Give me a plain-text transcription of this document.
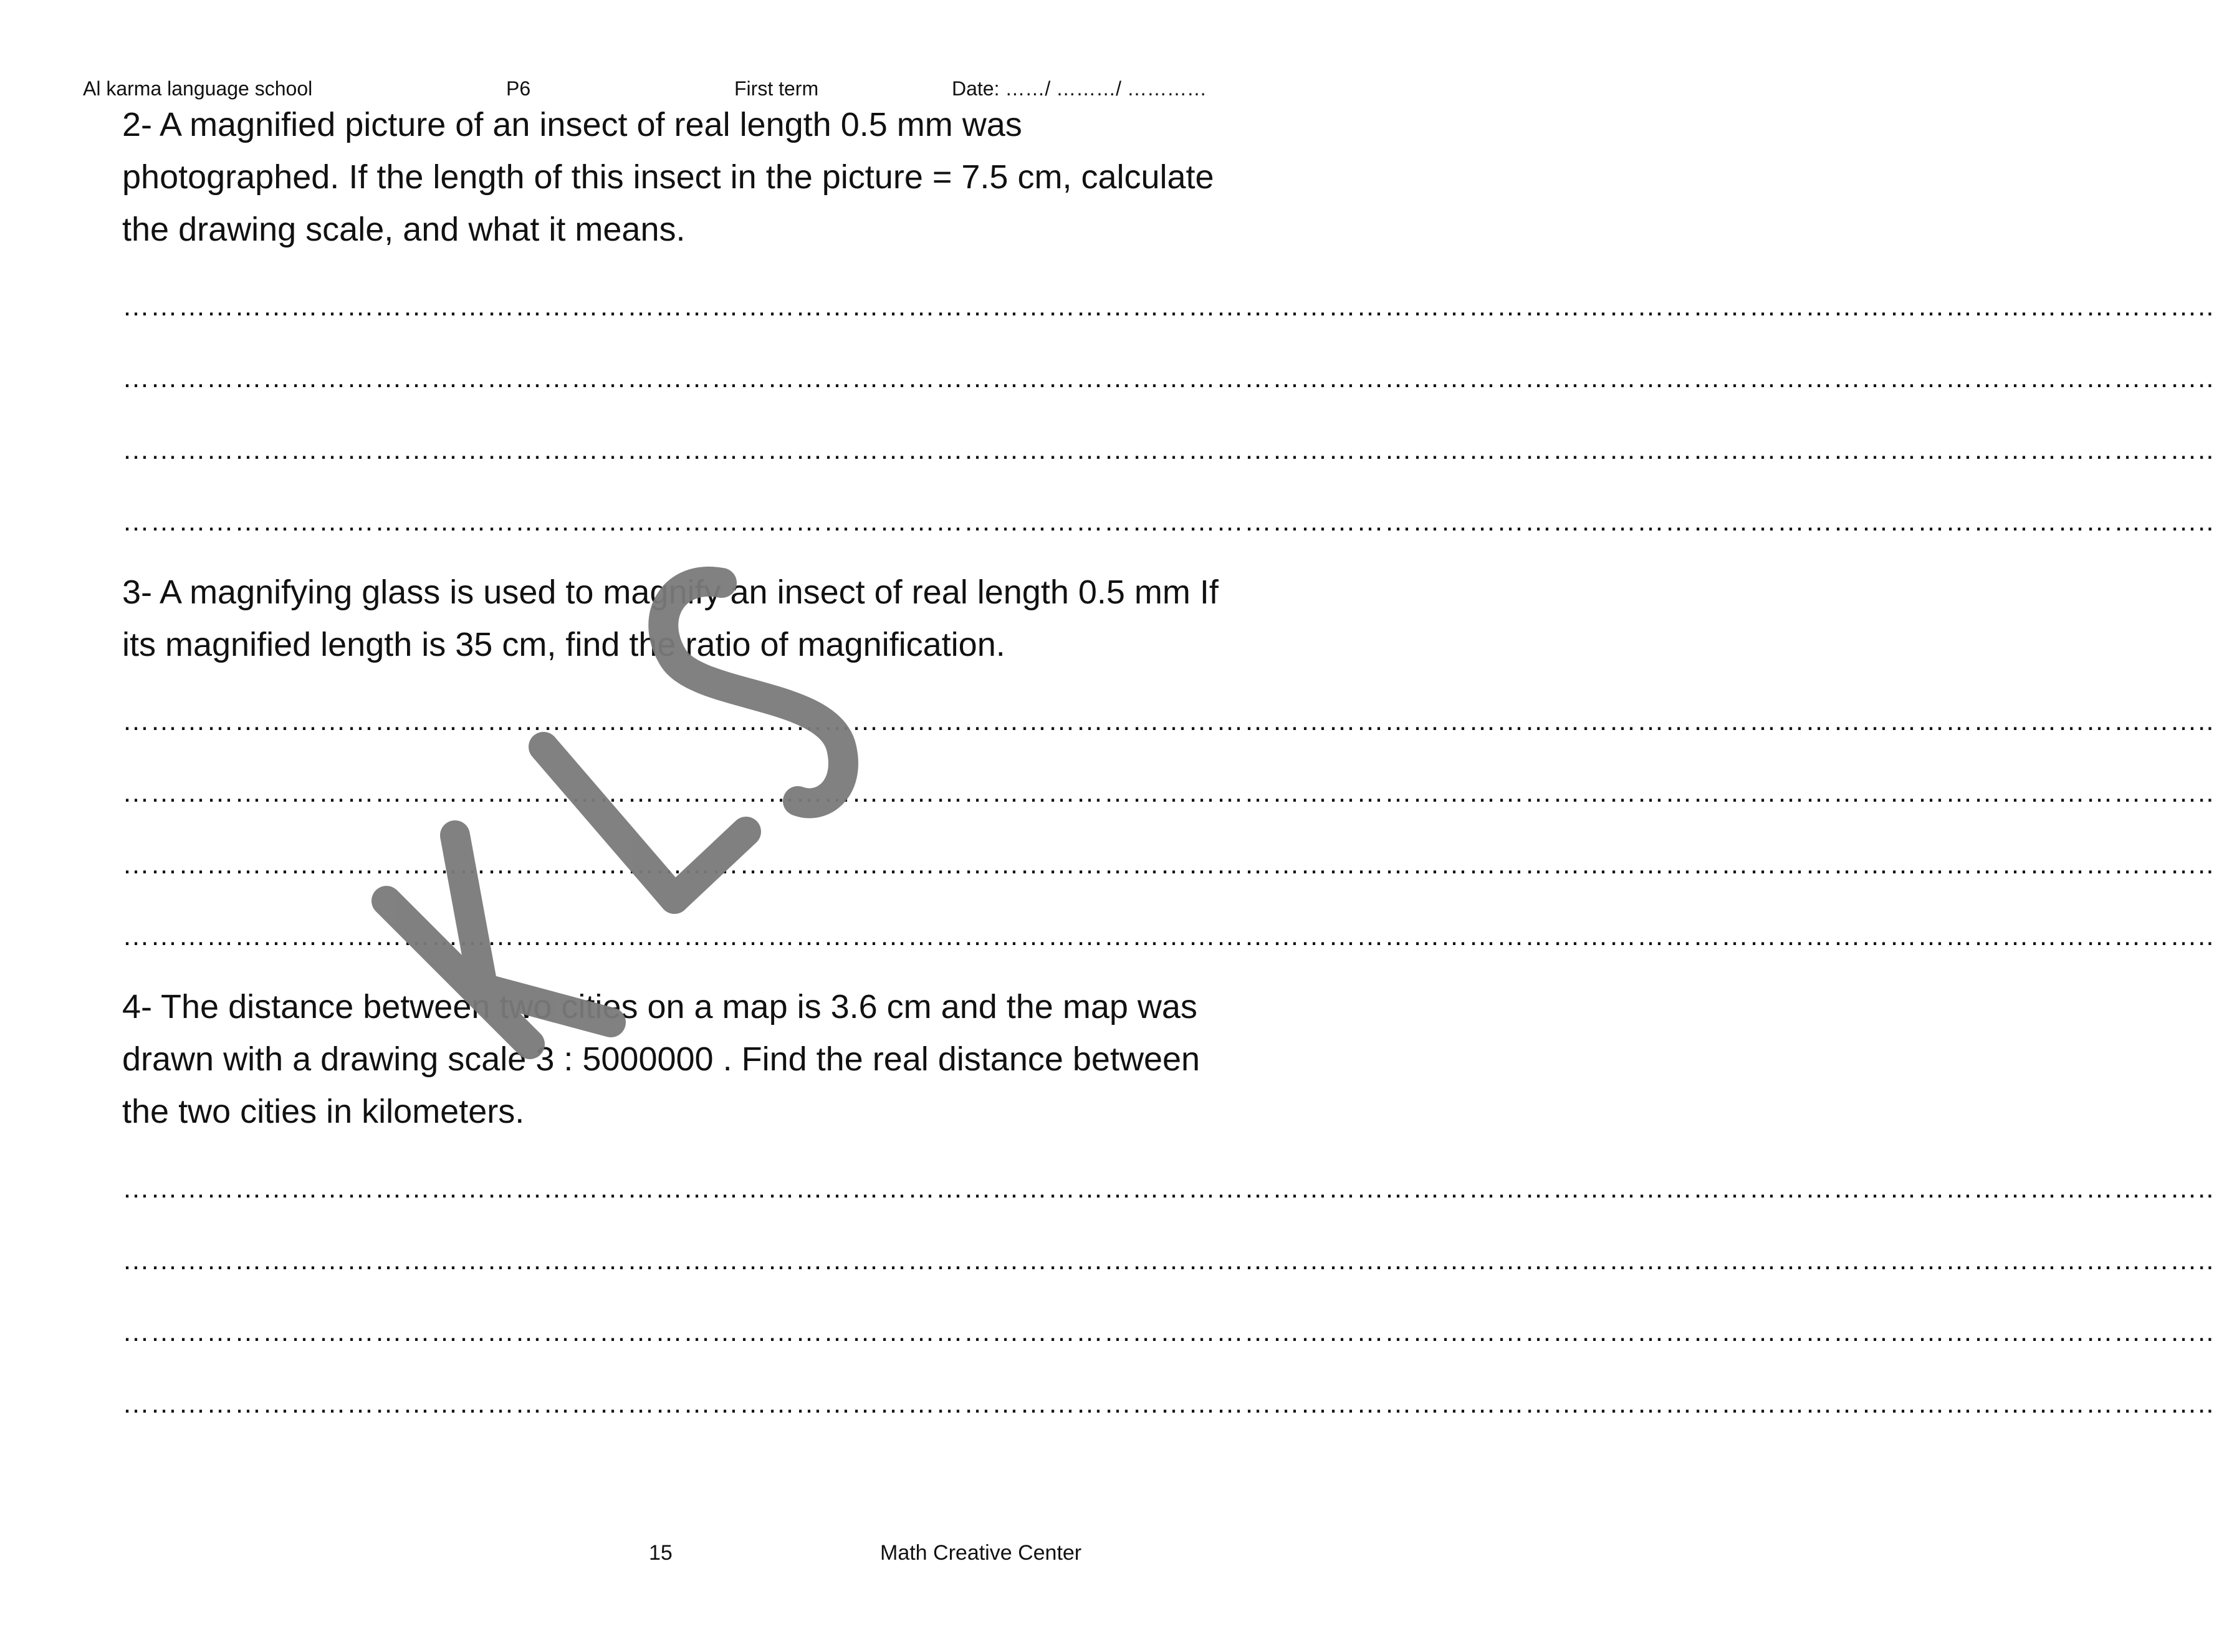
Al karma language school	P6	First term	Date: ……/ ………/ …………

2- A magnified picture of an insect of real length 0.5 mm was photographed. If the length of this insect in the picture = 7.5 cm, calculate the drawing scale, and what it means.

……………………………………………………………………………………………………………………………………………………………………………………………………..
……………………………………………………………………………………………………………………………………………………………………………………………………..
……………………………………………………………………………………………………………………………………………………………………………………………………..
……………………………………………………………………………………………………………………………………………………………………………………………………..

3- A magnifying glass is used to magnify an insect of real length 0.5 mm If its magnified length is 35 cm, find the ratio of magnification.

……………………………………………………………………………………………………………………………………………………………………………………………………..
……………………………………………………………………………………………………………………………………………………………………………………………………..
……………………………………………………………………………………………………………………………………………………………………………………………………..
……………………………………………………………………………………………………………………………………………………………………………………………………..

4- The distance between two cities on a map is 3.6 cm and the map was drawn with a drawing scale 3 : 5000000 . Find the real distance between the two cities in kilometers.

……………………………………………………………………………………………………………………………………………………………………………………………………..
……………………………………………………………………………………………………………………………………………………………………………………………………..
……………………………………………………………………………………………………………………………………………………………………………………………………..
……………………………………………………………………………………………………………………………………………………………………………………………………..
15	Math Creative Center
